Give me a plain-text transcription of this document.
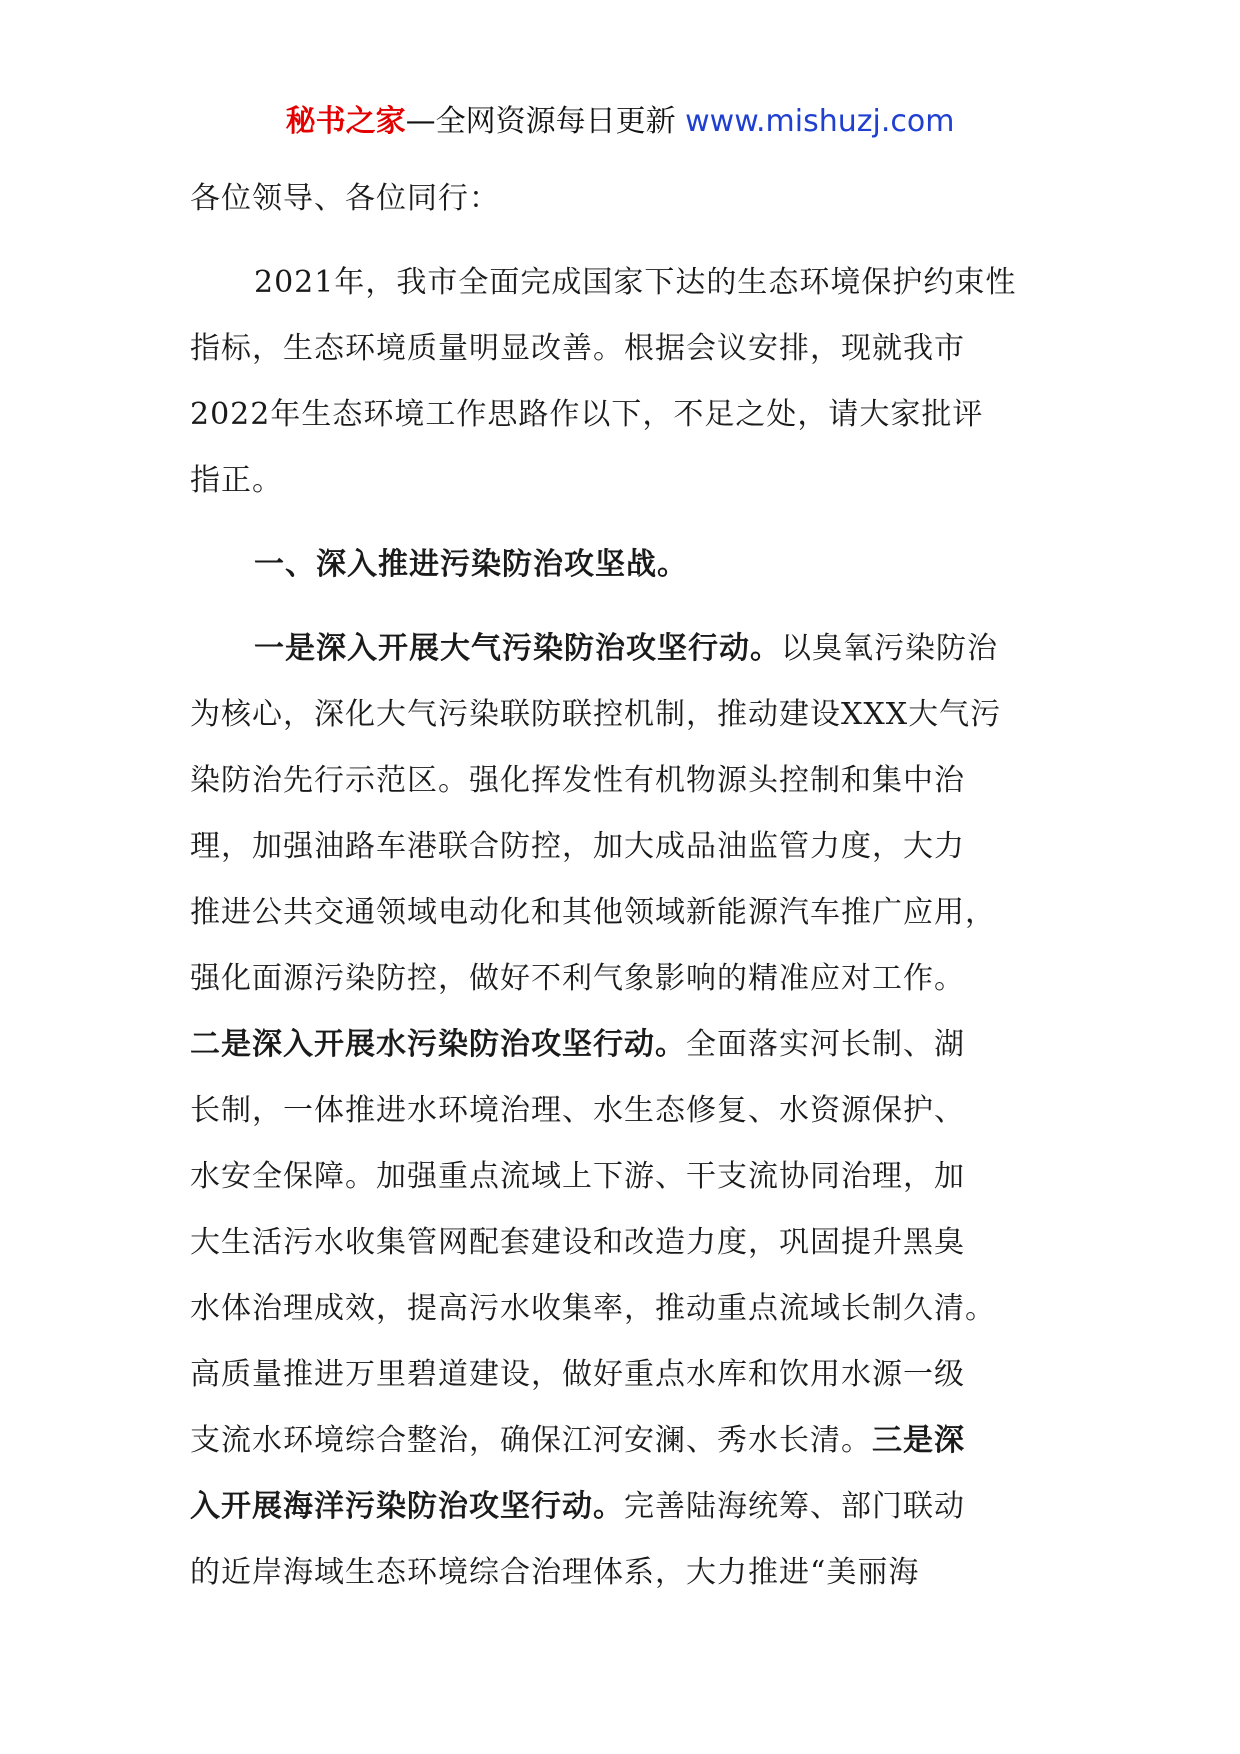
秘书之家—全网资源每日更新 www.mishuzj.com

各位领导、各位同行：

2021年，我市全面完成国家下达的生态环境保护约束性
指标，生态环境质量明显改善。根据会议安排，现就我市
2022年生态环境工作思路作以下，不足之处，请大家批评
指正。

一、深入推进污染防治攻坚战。

一是深入开展大气污染防治攻坚行动。以臭氧污染防治
为核心，深化大气污染联防联控机制，推动建设XXX大气污
染防治先行示范区。强化挥发性有机物源头控制和集中治
理，加强油路车港联合防控，加大成品油监管力度，大力
推进公共交通领域电动化和其他领域新能源汽车推广应用，
强化面源污染防控，做好不利气象影响的精准应对工作。
二是深入开展水污染防治攻坚行动。全面落实河长制、湖
长制，一体推进水环境治理、水生态修复、水资源保护、
水安全保障。加强重点流域上下游、干支流协同治理，加
大生活污水收集管网配套建设和改造力度，巩固提升黑臭
水体治理成效，提高污水收集率，推动重点流域长制久清。
高质量推进万里碧道建设，做好重点水库和饮用水源一级
支流水环境综合整治，确保江河安澜、秀水长清。三是深
入开展海洋污染防治攻坚行动。完善陆海统筹、部门联动
的近岸海域生态环境综合治理体系，大力推进“美丽海
